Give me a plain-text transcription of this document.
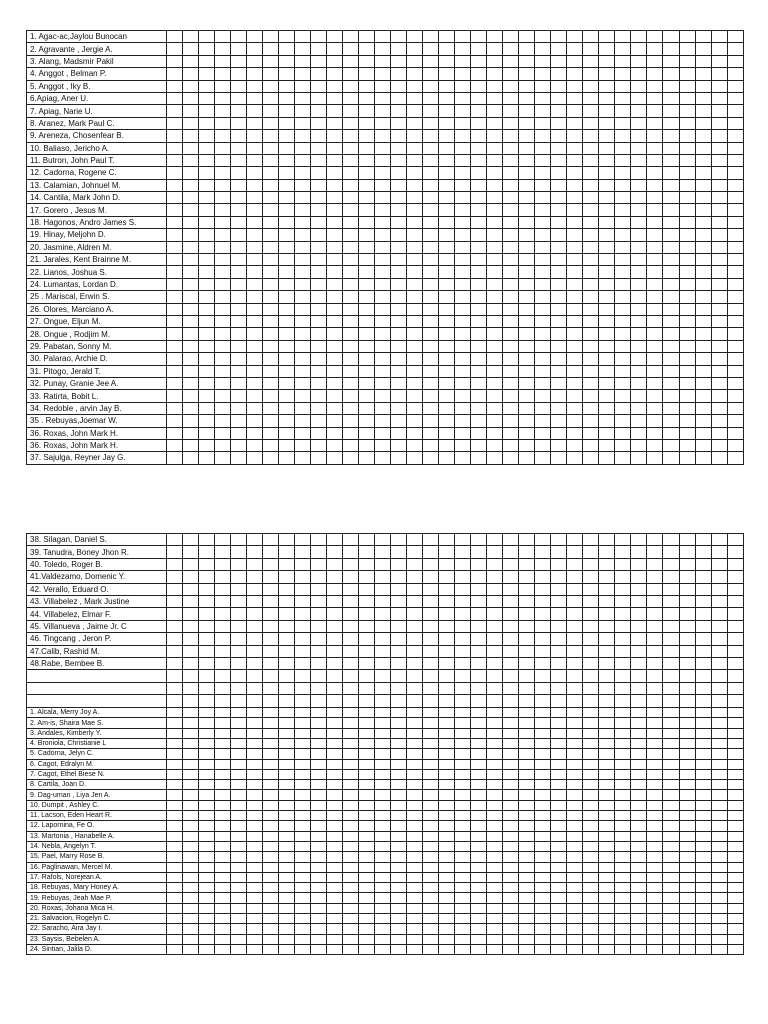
1. Agac-ac,Jaylou Bunocan																																				
2. Agravante , Jergie A.																																				
3. Alang, Madsmir Pakil																																				
4. Anggot , Belman P.																																				
5. Anggot , Iky B.																																				
6.Apiag, Aner U.																																				
7. Apiag, Narie U.																																				
8. Aranez, Mark Paul C.																																				
9. Areneza, Chosenfear B.																																				
10. Baliaso, Jericho A.																																				
11. Butron, John Paul T.																																				
12. Cadorna, Rogene C.																																				
13. Calamian, Johnuel M.																																				
14. Cantila, Mark John D.																																				
17. Gorero , Jesus M.																																				
18. Hagonos, Andro James S.																																				
19. Hinay, Meljohn D.																																				
20. Jasmine, Aldren M.																																				
21. Jarales, Kent Brainne M.																																				
22. Lianos, Joshua S.																																				
24. Lumantas, Lordan D.																																				
25 . Mariscal, Erwin S.																																				
26. Olores, Marciano A.																																				
27. Ongue, Eljun M.																																				
28. Ongue , Rodjim M.																																				
29. Pabatan, Sonny M.																																				
30. Palarao, Archie D.																																				
31. Pitogo, Jerald T.																																				
32. Punay, Granie Jee A.																																				
33. Ratirta, Bobit L.																																				
34. Redoble , arvin Jay B.																																				
35 . Rebuyas,Joemar W.																																				
36. Roxas, John Mark H.																																				
36. Roxas, John Mark H.																																				
37. Sajulga, Reyner Jay G.																																				
38. Silagan, Daniel S.																																				
39. Tanudra, Boney Jhon R.																																				
40. Toledo, Roger B.																																				
41.Valdezamo, Domenic Y.																																				
42. Verallo, Eduard O.																																				
43. Villabelez , Mark Justine																																				
44. Villabelez, Elmar F.																																				
45. Villanueva , Jaime Jr. C																																				
46. Tingcang , Jeron P.																																				
47.Calib, Rashid M.																																				
48.Rabe, Bembee B.																																				

1. Alcala, Merry Joy A.																																				
2. Am-is, Shaira Mae S.																																				
3. Andales, Kimberly Y.																																				
4. Broniola, Christianie L																																				
5. Cadorna, Jelyn C.																																				
6. Cagot, Edralyn M.																																				
7. Cagot, Ethel Biese N.																																				
8. Cartila, Joan D.																																				
9. Dag-uman , Liya Jen A.																																				
10. Dumpit , Ashley C.																																				
11. Lacson, Eden Heart R.																																				
12. Lapornina, Fe O.																																				
13. Martonia , Hanabelle A.																																				
14. Nebla, Angelyn T.																																				
15. Pael, Marry Rose B.																																				
16. Paglinawan, Mercel M.																																				
17. Rafols, Norejean A.																																				
18. Rebuyas, Mary Honey A.																																				
19. Rebuyas, Jeah Mae P.																																				
20. Roxas, Johana Mica H.																																				
21. Salvacion, Rogelyn C.																																				
22. Saracho, Aira Jay I.																																				
23. Saysis, Bebelen A.																																				
24. Sintian, Jalila D.																																				
